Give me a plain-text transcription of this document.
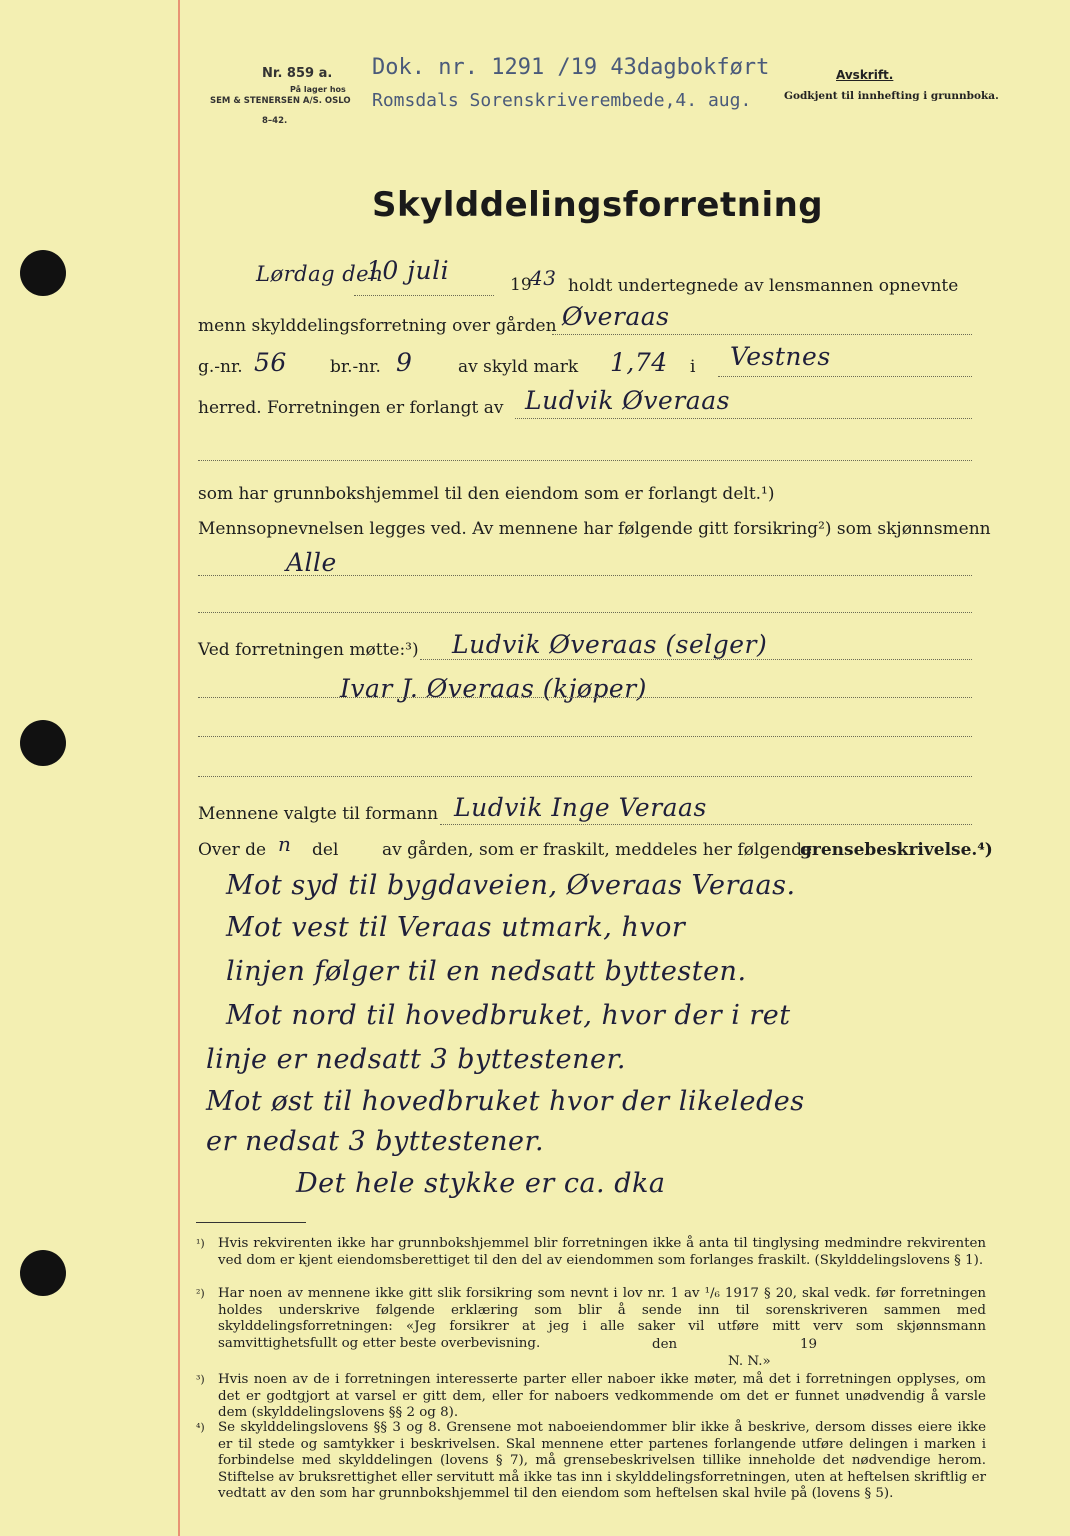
Nr. 859 a.
På lager hos
SEM & STENERSEN A/S. OSLO
8–42.
Dok. nr. 1291 /19 43dagbokført
Romsdals Sorenskriverembede,4. aug.
Avskrift.
Godkjent til innhefting i grunnboka.
Skylddelingsforretning
Lørdag den
10 juli	19
43 holdt undertegnede av lensmannen opnevnte
menn skylddelingsforretning over gården Øveraas
g.-nr. 56	br.-nr. 9	av skyld mark 1,74 i Vestnes
herred. Forretningen er forlangt av Ludvik Øveraas
som har grunnbokshjemmel til den eiendom som er forlangt delt.¹)
Mennsopnevnelsen legges ved. Av mennene har følgende gitt forsikring²) som skjønnsmenn
Alle
Ved forretningen møtte:³) Ludvik Øveraas (selger)
Ivar J. Øveraas (kjøper)
Mennene valgte til formann Ludvik Inge Veraas
Over de n del	av gården, som er fraskilt, meddeles her følgende
grensebeskrivelse.⁴)
Mot syd til bygdaveien, Øveraas Veraas.
Mot vest til Veraas utmark, hvor
linjen følger til en nedsatt byttesten.
Mot nord til hovedbruket, hvor der i ret
linje er nedsatt 3 byttestener.
Mot øst til hovedbruket hvor der likeledes
er nedsat 3 byttestener.
Det hele stykke er ca. dka
¹) Hvis rekvirenten ikke har grunnbokshjemmel blir forretningen ikke å anta til tinglysing medmindre rekvirenten ved dom er kjent eiendomsberettiget til den del av eiendommen som forlanges fraskilt. (Skylddelingslovens § 1).
²) Har noen av mennene ikke gitt slik forsikring som nevnt i lov nr. 1 av ¹/₆ 1917 § 20, skal vedk. før forretningen holdes underskrive følgende erklæring som blir å sende inn til sorenskriveren sammen med skylddelingsforretningen: «Jeg forsikrer at jeg i alle saker vil utføre mitt verv som skjønnsmann samvittighetsfullt og etter beste overbevisning.	den	19
N. N.»
³) Hvis noen av de i forretningen interesserte parter eller naboer ikke møter, må det i forretningen opplyses, om det er godtgjort at varsel er gitt dem, eller for naboers vedkommende om det er funnet unødvendig å varsle dem (skylddelingslovens §§ 2 og 8).
⁴) Se skylddelingslovens §§ 3 og 8. Grensene mot naboeiendommer blir ikke å beskrive, dersom disses eiere ikke er til stede og samtykker i beskrivelsen. Skal mennene etter partenes forlangende utføre delingen i marken i forbindelse med skylddelingen (lovens § 7), må grensebeskrivelsen tillike inneholde det nødvendige herom. Stiftelse av bruksrettighet eller servitutt må ikke tas inn i skylddelingsforretningen, uten at heftelsen skriftlig er vedtatt av den som har grunnbokshjemmel til den eiendom som heftelsen skal hvile på (lovens § 5).
